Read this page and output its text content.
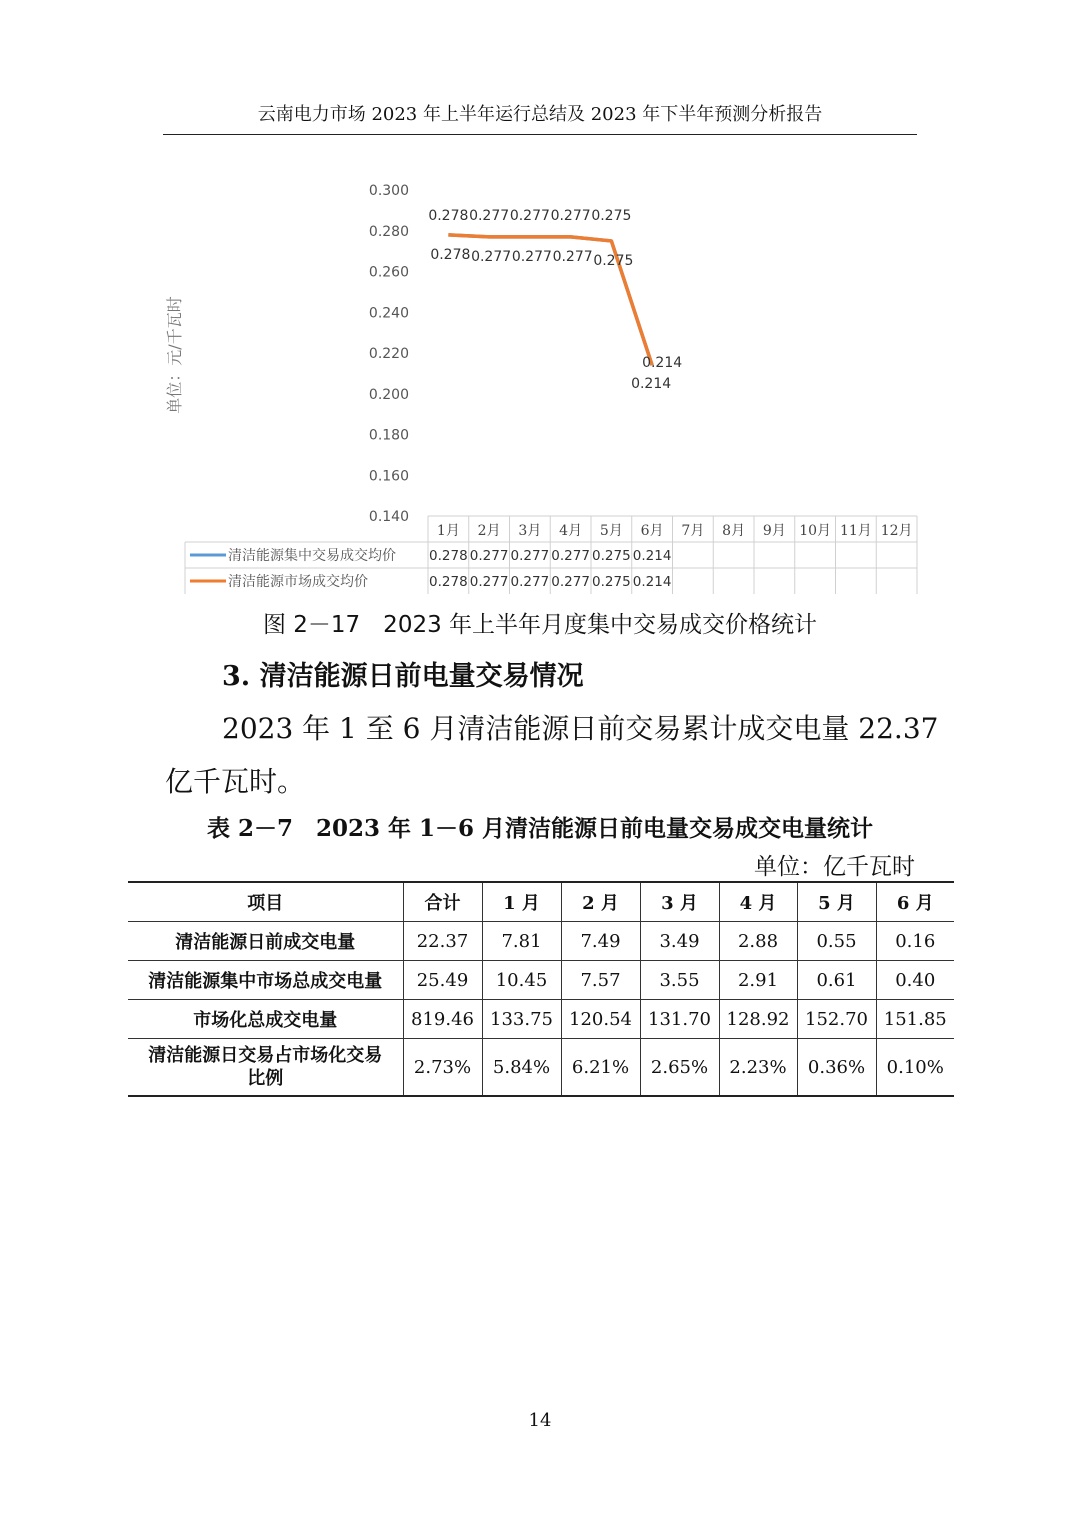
云南电力市场 2023 年上半年运行总结及 2023 年下半年预测分析报告
0.300
0.280
0.260
0.240
0.220
0.200
0.180
0.160
0.140
单位：元/千瓦时
1月 2月 3月 4月 5月 6月 7月 8月 9月 10月 11月 12月
清洁能源集中交易成交均价 0.278 0.277 0.277 0.277 0.275 0.214
清洁能源市场成交均价	0.278 0.277 0.277 0.277 0.275 0.214
0.278 0.277 0.277 0.277 0.275
0.214
0.278 0.277 0.277 0.277 0.275
0.214
图 2－17　2023 年上半年月度集中交易成交价格统计
3. 清洁能源日前电量交易情况
2023 年 1 至 6 月清洁能源日前交易累计成交电量 22.37
亿千瓦时。
表 2－7　2023 年 1－6 月清洁能源日前电量交易成交电量统计
单位：亿千瓦时
项目	合计	1 月	2 月	3 月	4 月	5 月	6 月
清洁能源日前成交电量	22.37	7.81	7.49	3.49	2.88	0.55	0.16
清洁能源集中市场总成交电量	25.49	10.45	7.57	3.55	2.91	0.61	0.40
市场化总成交电量	819.46	133.75	120.54	131.70	128.92	152.70	151.85
清洁能源日交易占市场化交易
比例	2.73%	5.84%	6.21%	2.65%	2.23%	0.36%	0.10%
14
